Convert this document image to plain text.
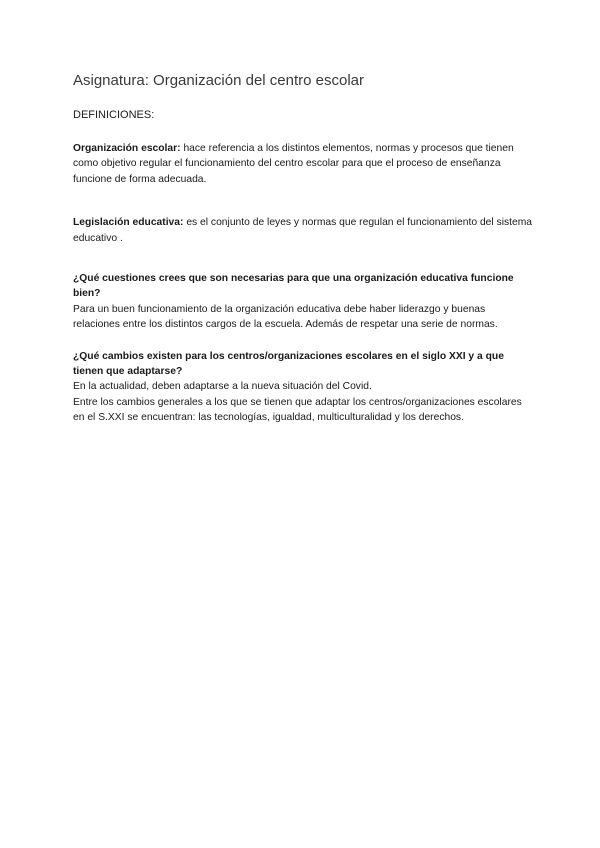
Asignatura: Organización del centro escolar

DEFINICIONES:

Organización escolar: hace referencia a los distintos elementos, normas y procesos que tienen como objetivo regular el funcionamiento del centro escolar para que el proceso de enseñanza funcione de forma adecuada.

Legislación educativa: es el conjunto de leyes y normas que regulan el funcionamiento del sistema educativo .

¿Qué cuestiones crees que son necesarias para que una organización educativa funcione bien?

Para un buen funcionamiento de la organización educativa debe haber liderazgo y buenas relaciones entre los distintos cargos de la escuela. Además de respetar una serie de normas.

¿Qué cambios existen para los centros/organizaciones escolares en el siglo XXI y a que tienen que adaptarse?

En la actualidad, deben adaptarse a la nueva situación del Covid.

Entre los cambios generales a los que se tienen que adaptar los centros/organizaciones escolares en el S.XXI se encuentran: las tecnologías, igualdad, multiculturalidad y los derechos.
